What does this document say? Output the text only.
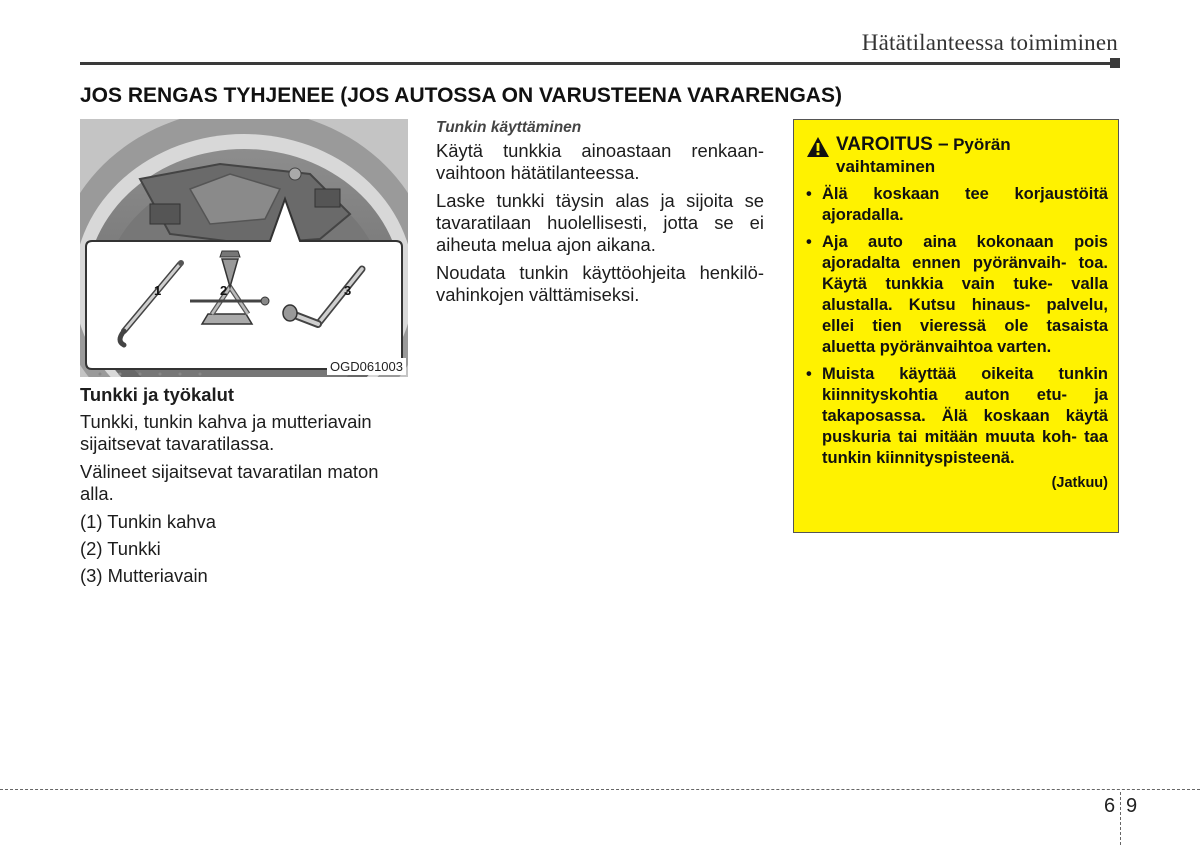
Hätätilanteessa toimiminen
JOS RENGAS TYHJENEE (JOS AUTOSSA ON VARUSTEENA VARARENGAS)
1	2	3
OGD061003
Tunkki ja työkalut

Tunkki, tunkin kahva ja mutteriavain sijaitsevat tavaratilassa.

Välineet sijaitsevat tavaratilan maton alla.

(1) Tunkin kahva
(2) Tunkki
(3) Mutteriavain
Tunkin käyttäminen

Käytä tunkkia ainoastaan renkaan- vaihtoon hätätilanteessa.

Laske tunkki täysin alas ja sijoita se tavaratilaan huolellisesti, jotta se ei aiheuta melua ajon aikana.

Noudata tunkin käyttöohjeita henkilö- vahinkojen välttämiseksi.

VAROITUS – Pyörän
vaihtaminen
• Älä koskaan tee korjaustöitä ajoradalla.
• Aja auto aina kokonaan pois ajoradalta ennen pyöränvaih- toa. Käytä tunkkia vain tuke- valla alustalla. Kutsu hinaus- palvelu, ellei tien vieressä ole tasaista aluetta pyöränvaihtoa varten.
• Muista käyttää oikeita tunkin kiinnityskohtia auton etu- ja takaposassa. Älä koskaan käytä puskuria tai mitään muuta koh- taa tunkin kiinnityspisteenä.
(Jatkuu)
6 9
